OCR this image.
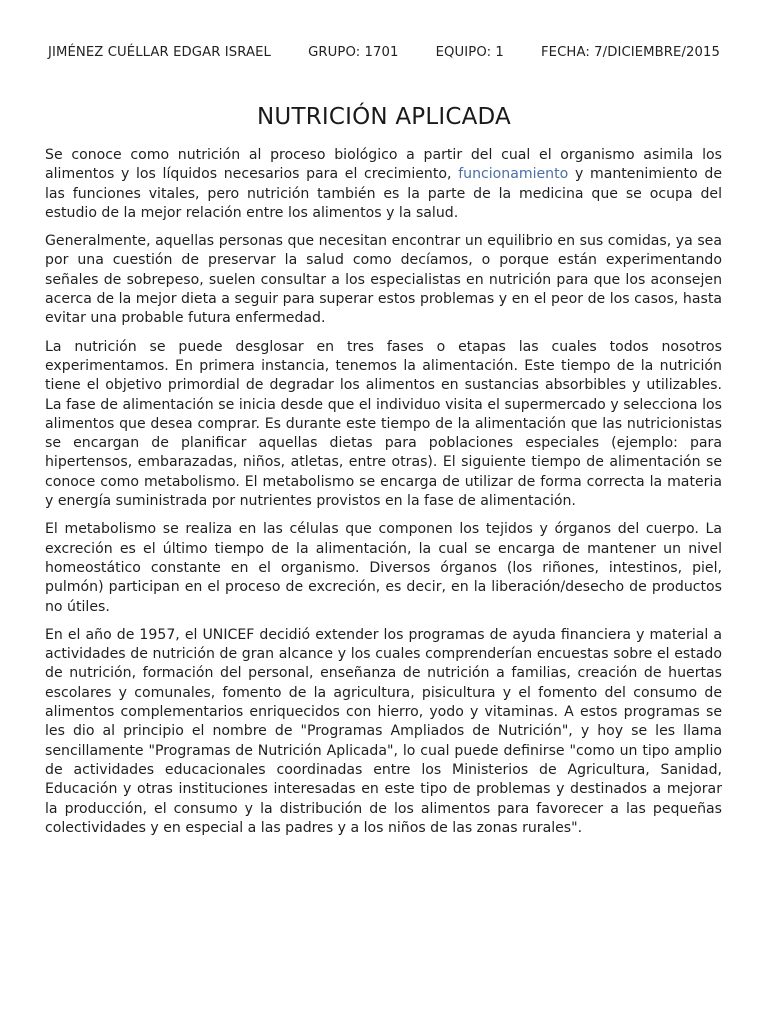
JIMÉNEZ CUÉLLAR EDGAR ISRAEL	GRUPO: 1701	EQUIPO: 1	FECHA: 7/DICIEMBRE/2015
NUTRICIÓN APLICADA

Se conoce como nutrición al proceso biológico a partir del cual el organismo asimila los alimentos y los líquidos necesarios para el crecimiento, funcionamiento y mantenimiento de las funciones vitales, pero nutrición también es la parte de la medicina que se ocupa del estudio de la mejor relación entre los alimentos y la salud.

Generalmente, aquellas personas que necesitan encontrar un equilibrio en sus comidas, ya sea por una cuestión de preservar la salud como decíamos, o porque están experimentando señales de sobrepeso, suelen consultar a los especialistas en nutrición para que los aconsejen acerca de la mejor dieta a seguir para superar estos problemas y en el peor de los casos, hasta evitar una probable futura enfermedad.

La nutrición se puede desglosar en tres fases o etapas las cuales todos nosotros experimentamos. En primera instancia, tenemos la alimentación. Este tiempo de la nutrición tiene el objetivo primordial de degradar los alimentos en sustancias absorbibles y utilizables. La fase de alimentación se inicia desde que el individuo visita el supermercado y selecciona los alimentos que desea comprar. Es durante este tiempo de la alimentación que las nutricionistas se encargan de planificar aquellas dietas para poblaciones especiales (ejemplo: para hipertensos, embarazadas, niños, atletas, entre otras). El siguiente tiempo de alimentación se conoce como metabolismo. El metabolismo se encarga de utilizar de forma correcta la materia y energía suministrada por nutrientes provistos en la fase de alimentación.

El metabolismo se realiza en las células que componen los tejidos y órganos del cuerpo. La excreción es el último tiempo de la alimentación, la cual se encarga de mantener un nivel homeostático constante en el organismo. Diversos órganos (los riñones, intestinos, piel, pulmón) participan en el proceso de excreción, es decir, en la liberación/desecho de productos no útiles.

En el año de 1957, el UNICEF decidió extender los programas de ayuda financiera y material a actividades de nutrición de gran alcance y los cuales comprenderían encuestas sobre el estado de nutrición, formación del personal, enseñanza de nutrición a familias, creación de huertas escolares y comunales, fomento de la agricultura, pisicultura y el fomento del consumo de alimentos complementarios enriquecidos con hierro, yodo y vitaminas. A estos programas se les dio al principio el nombre de "Programas Ampliados de Nutrición", y hoy se les llama sencillamente "Programas de Nutrición Aplicada", lo cual puede definirse "como un tipo amplio de actividades educacionales coordinadas entre los Ministerios de Agricultura, Sanidad, Educación y otras instituciones interesadas en este tipo de problemas y destinados a mejorar la producción, el consumo y la distribución de los alimentos para favorecer a las pequeñas colectividades y en especial a las padres y a los niños de las zonas rurales".
